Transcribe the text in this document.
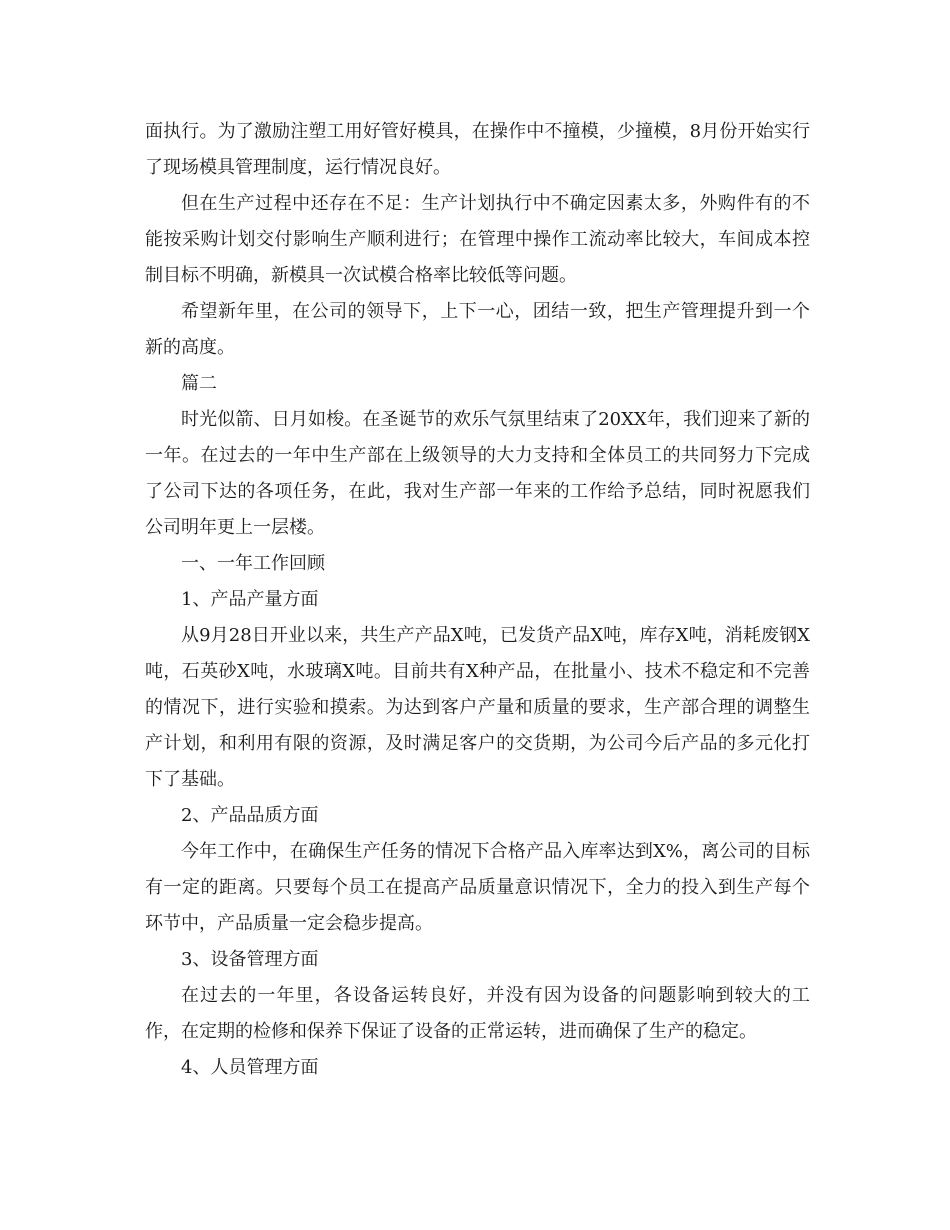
面执行。为了激励注塑工用好管好模具，在操作中不撞模，少撞模，8月份开始实行了现场模具管理制度，运行情况良好。

但在生产过程中还存在不足：生产计划执行中不确定因素太多，外购件有的不能按采购计划交付影响生产顺利进行；在管理中操作工流动率比较大，车间成本控制目标不明确，新模具一次试模合格率比较低等问题。

希望新年里，在公司的领导下，上下一心，团结一致，把生产管理提升到一个新的高度。

篇二

时光似箭、日月如梭。在圣诞节的欢乐气氛里结束了20XX年，我们迎来了新的一年。在过去的一年中生产部在上级领导的大力支持和全体员工的共同努力下完成了公司下达的各项任务，在此，我对生产部一年来的工作给予总结，同时祝愿我们公司明年更上一层楼。

一、一年工作回顾

1、产品产量方面

从9月28日开业以来，共生产产品X吨，已发货产品X吨，库存X吨，消耗废钢X吨，石英砂X吨，水玻璃X吨。目前共有X种产品，在批量小、技术不稳定和不完善的情况下，进行实验和摸索。为达到客户产量和质量的要求，生产部合理的调整生产计划，和利用有限的资源，及时满足客户的交货期，为公司今后产品的多元化打下了基础。

2、产品品质方面

今年工作中，在确保生产任务的情况下合格产品入库率达到X%，离公司的目标有一定的距离。只要每个员工在提高产品质量意识情况下，全力的投入到生产每个环节中，产品质量一定会稳步提高。

3、设备管理方面

在过去的一年里，各设备运转良好，并没有因为设备的问题影响到较大的工作，在定期的检修和保养下保证了设备的正常运转，进而确保了生产的稳定。

4、人员管理方面
